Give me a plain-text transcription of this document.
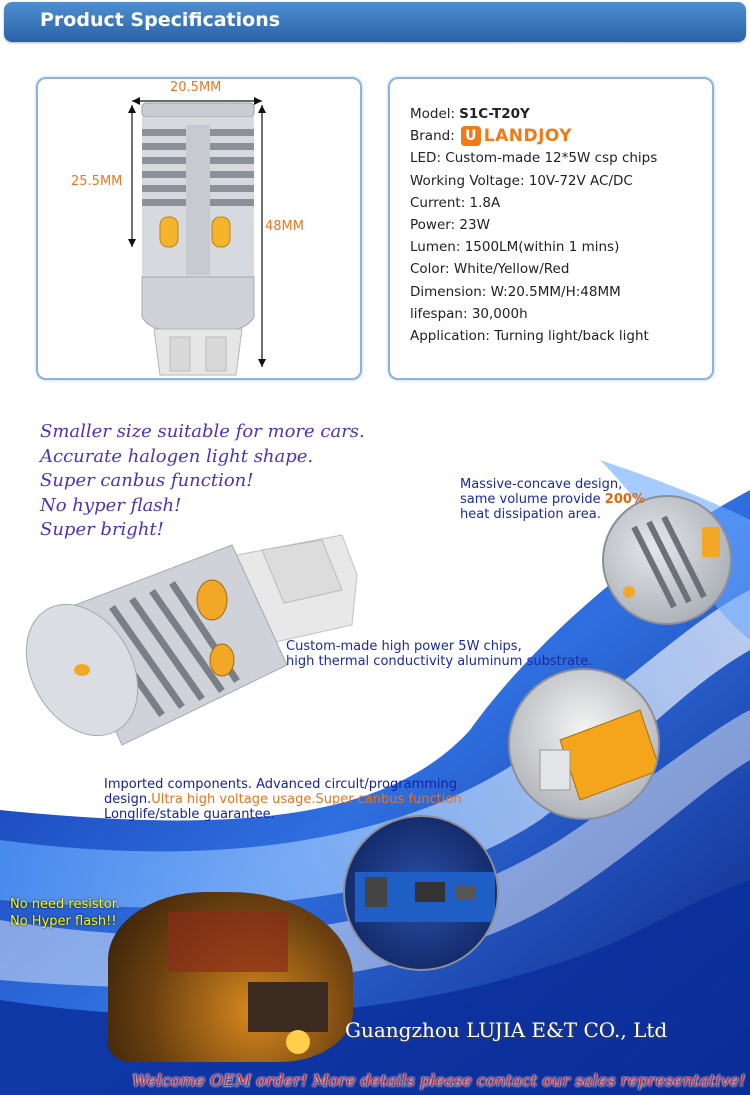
Product Specifications
20.5MM
25.5MM
48MM
Model: S1C-T20Y
Brand: U LANDJOY
LED: Custom-made 12*5W csp chips
Working Voltage: 10V-72V AC/DC
Current: 1.8A
Power: 23W
Lumen: 1500LM(within 1 mins)
Color: White/Yellow/Red
Dimension: W:20.5MM/H:48MM
lifespan: 30,000h
Application: Turning light/back light
Smaller size suitable for more cars.
Accurate halogen light shape.
Super canbus function!
No hyper flash!
Super bright!
Massive-concave design,
same volume provide 200%
heat dissipation area.
Custom-made high power 5W chips,
high thermal conductivity aluminum substrate.
Imported components. Advanced circult/programming
design.Ultra high voltage usage.Super canbus function
Longlife/stable guarantee.
No need resistor.
No Hyper flash!!
Guangzhou LUJIA E&T CO., Ltd
Welcome OEM order! More details please contact our sales representative!
